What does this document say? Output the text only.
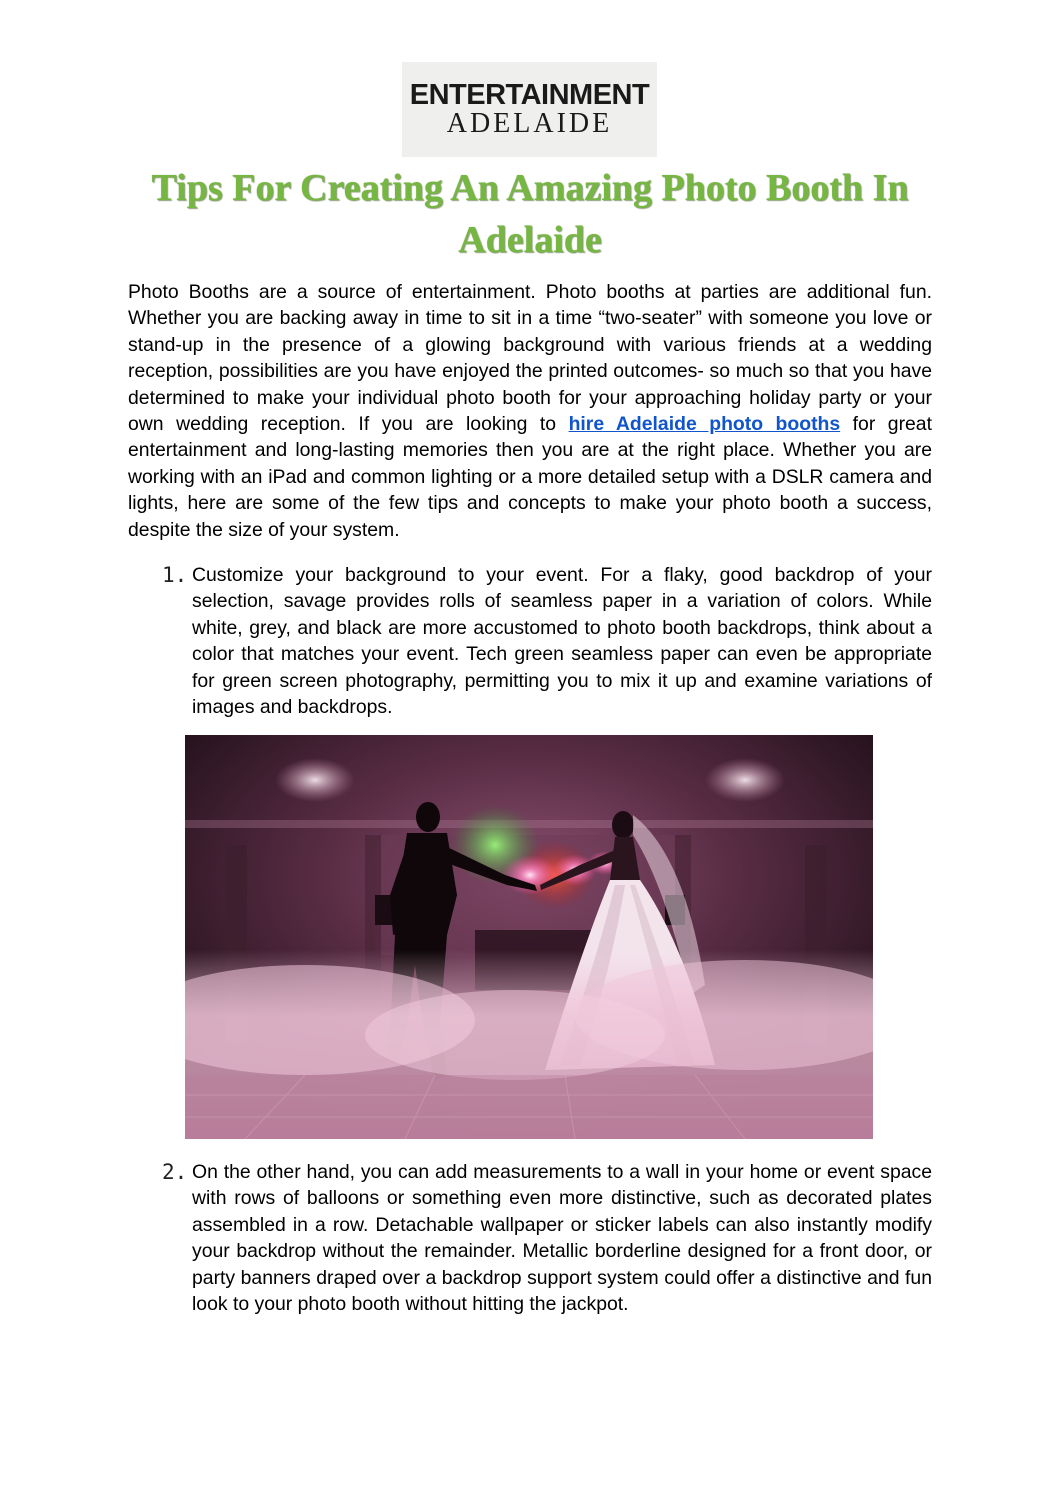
ENTERTAINMENT
ADELAIDE
Tips For Creating An Amazing Photo Booth In Adelaide

Photo Booths are a source of entertainment. Photo booths at parties are additional fun. Whether you are backing away in time to sit in a time “two-seater” with someone you love or stand-up in the presence of a glowing background with various friends at a wedding reception, possibilities are you have enjoyed the printed outcomes- so much so that you have determined to make your individual photo booth for your approaching holiday party or your own wedding reception. If you are looking to hire Adelaide photo booths for great entertainment and long-lasting memories then you are at the right place. Whether you are working with an iPad and common lighting or a more detailed setup with a DSLR camera and lights, here are some of the few tips and concepts to make your photo booth a success, despite the size of your system.

1. Customize your background to your event. For a flaky, good backdrop of your selection, savage provides rolls of seamless paper in a variation of colors. While white, grey, and black are more accustomed to photo booth backdrops, think about a color that matches your event. Tech green seamless paper can even be appropriate for green screen photography, permitting you to mix it up and examine variations of images and backdrops.

2. On the other hand, you can add measurements to a wall in your home or event space with rows of balloons or something even more distinctive, such as decorated plates assembled in a row. Detachable wallpaper or sticker labels can also instantly modify your backdrop without the remainder. Metallic borderline designed for a front door, or party banners draped over a backdrop support system could offer a distinctive and fun look to your photo booth without hitting the jackpot.
